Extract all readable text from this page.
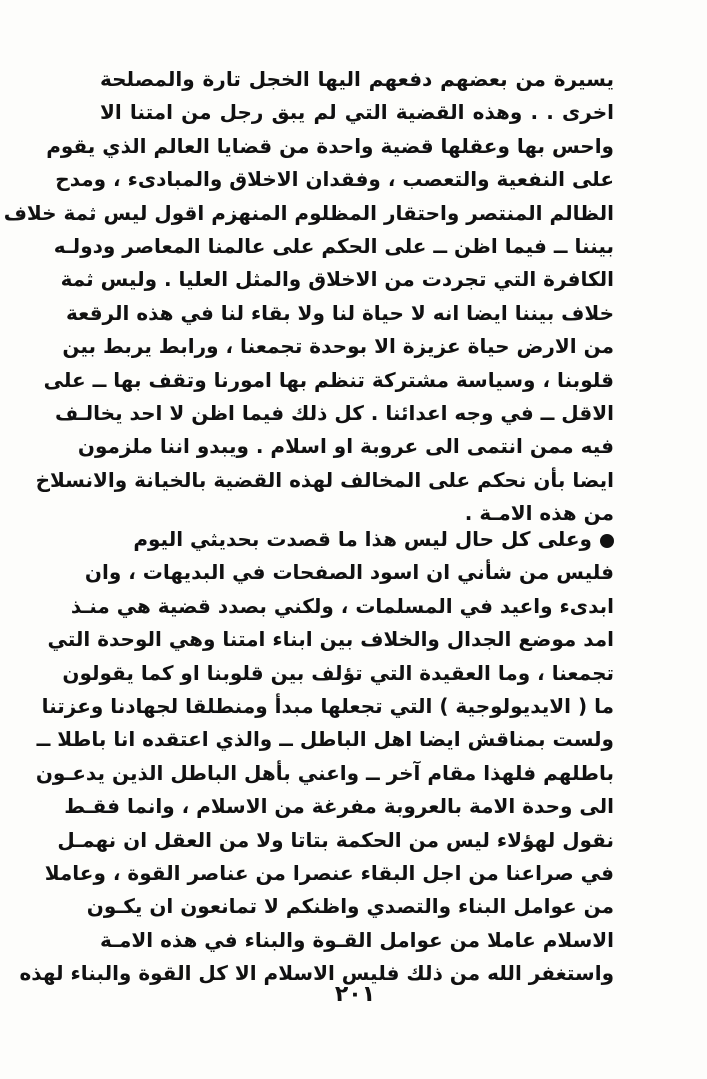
يسيرة من بعضهم دفعهم اليها الخجل تارة والمصلحة
اخرى . . وهذه القضية التي لم يبق رجل من امتنا الا
واحس بها وعقلها قضية واحدة من قضايا العالم الذي يقوم
على النفعية والتعصب ، وفقدان الاخلاق والمبادىء ، ومدح
الظالم المنتصر واحتقار المظلوم المنهزم اقول ليس ثمة خلاف
بيننا ــ فيما اظن ــ على الحكم على عالمنا المعاصر ودولـه
الكافرة التي تجردت من الاخلاق والمثل العليا . وليس ثمة
خلاف بيننا ايضا انه لا حياة لنا ولا بقاء لنا في هذه الرقعة
من الارض حياة عزيزة الا بوحدة تجمعنا ، ورابط يربط بين
قلوبنا ، وسياسة مشتركة تنظم بها امورنا وتقف بها ــ على
الاقل ــ في وجه اعدائنا . كل ذلك فيما اظن لا احد يخالـف
فيه ممن انتمى الى عروبة او اسلام . ويبدو اننا ملزمون
ايضا بأن نحكم على المخالف لهذه القضية بالخيانة والانسلاخ
من هذه الامـة .
وعلى كل حال ليس هذا ما قصدت بحديثي اليوم
فليس من شأني ان اسود الصفحات في البديهات ، وان
ابدىء واعيد في المسلمات ، ولكني بصدد قضية هي منـذ
امد موضع الجدال والخلاف بين ابناء امتنا وهي الوحدة التي
تجمعنا ، وما العقيدة التي تؤلف بين قلوبنا او كما يقولون
ما ( الايديولوجية ) التي تجعلها مبدأ ومنطلقا لجهادنا وعزتنا
ولست بمناقش ايضا اهل الباطل ــ والذي اعتقده انا باطلا ــ
باطلهم فلهذا مقام آخر ــ واعني بأهل الباطل الذين يدعـون
الى وحدة الامة بالعروبة مفرغة من الاسلام ، وانما فقـط
نقول لهؤلاء ليس من الحكمة بتاتا ولا من العقل ان نهمـل
في صراعنا من اجل البقاء عنصرا من عناصر القوة ، وعاملا
من عوامل البناء والتصدي واظنكم لا تمانعون ان يكـون
الاسلام عاملا من عوامل القـوة والبناء في هذه الامـة
واستغفر الله من ذلك فليس الاسلام الا كل القوة والبناء لهذه
٢٠١
